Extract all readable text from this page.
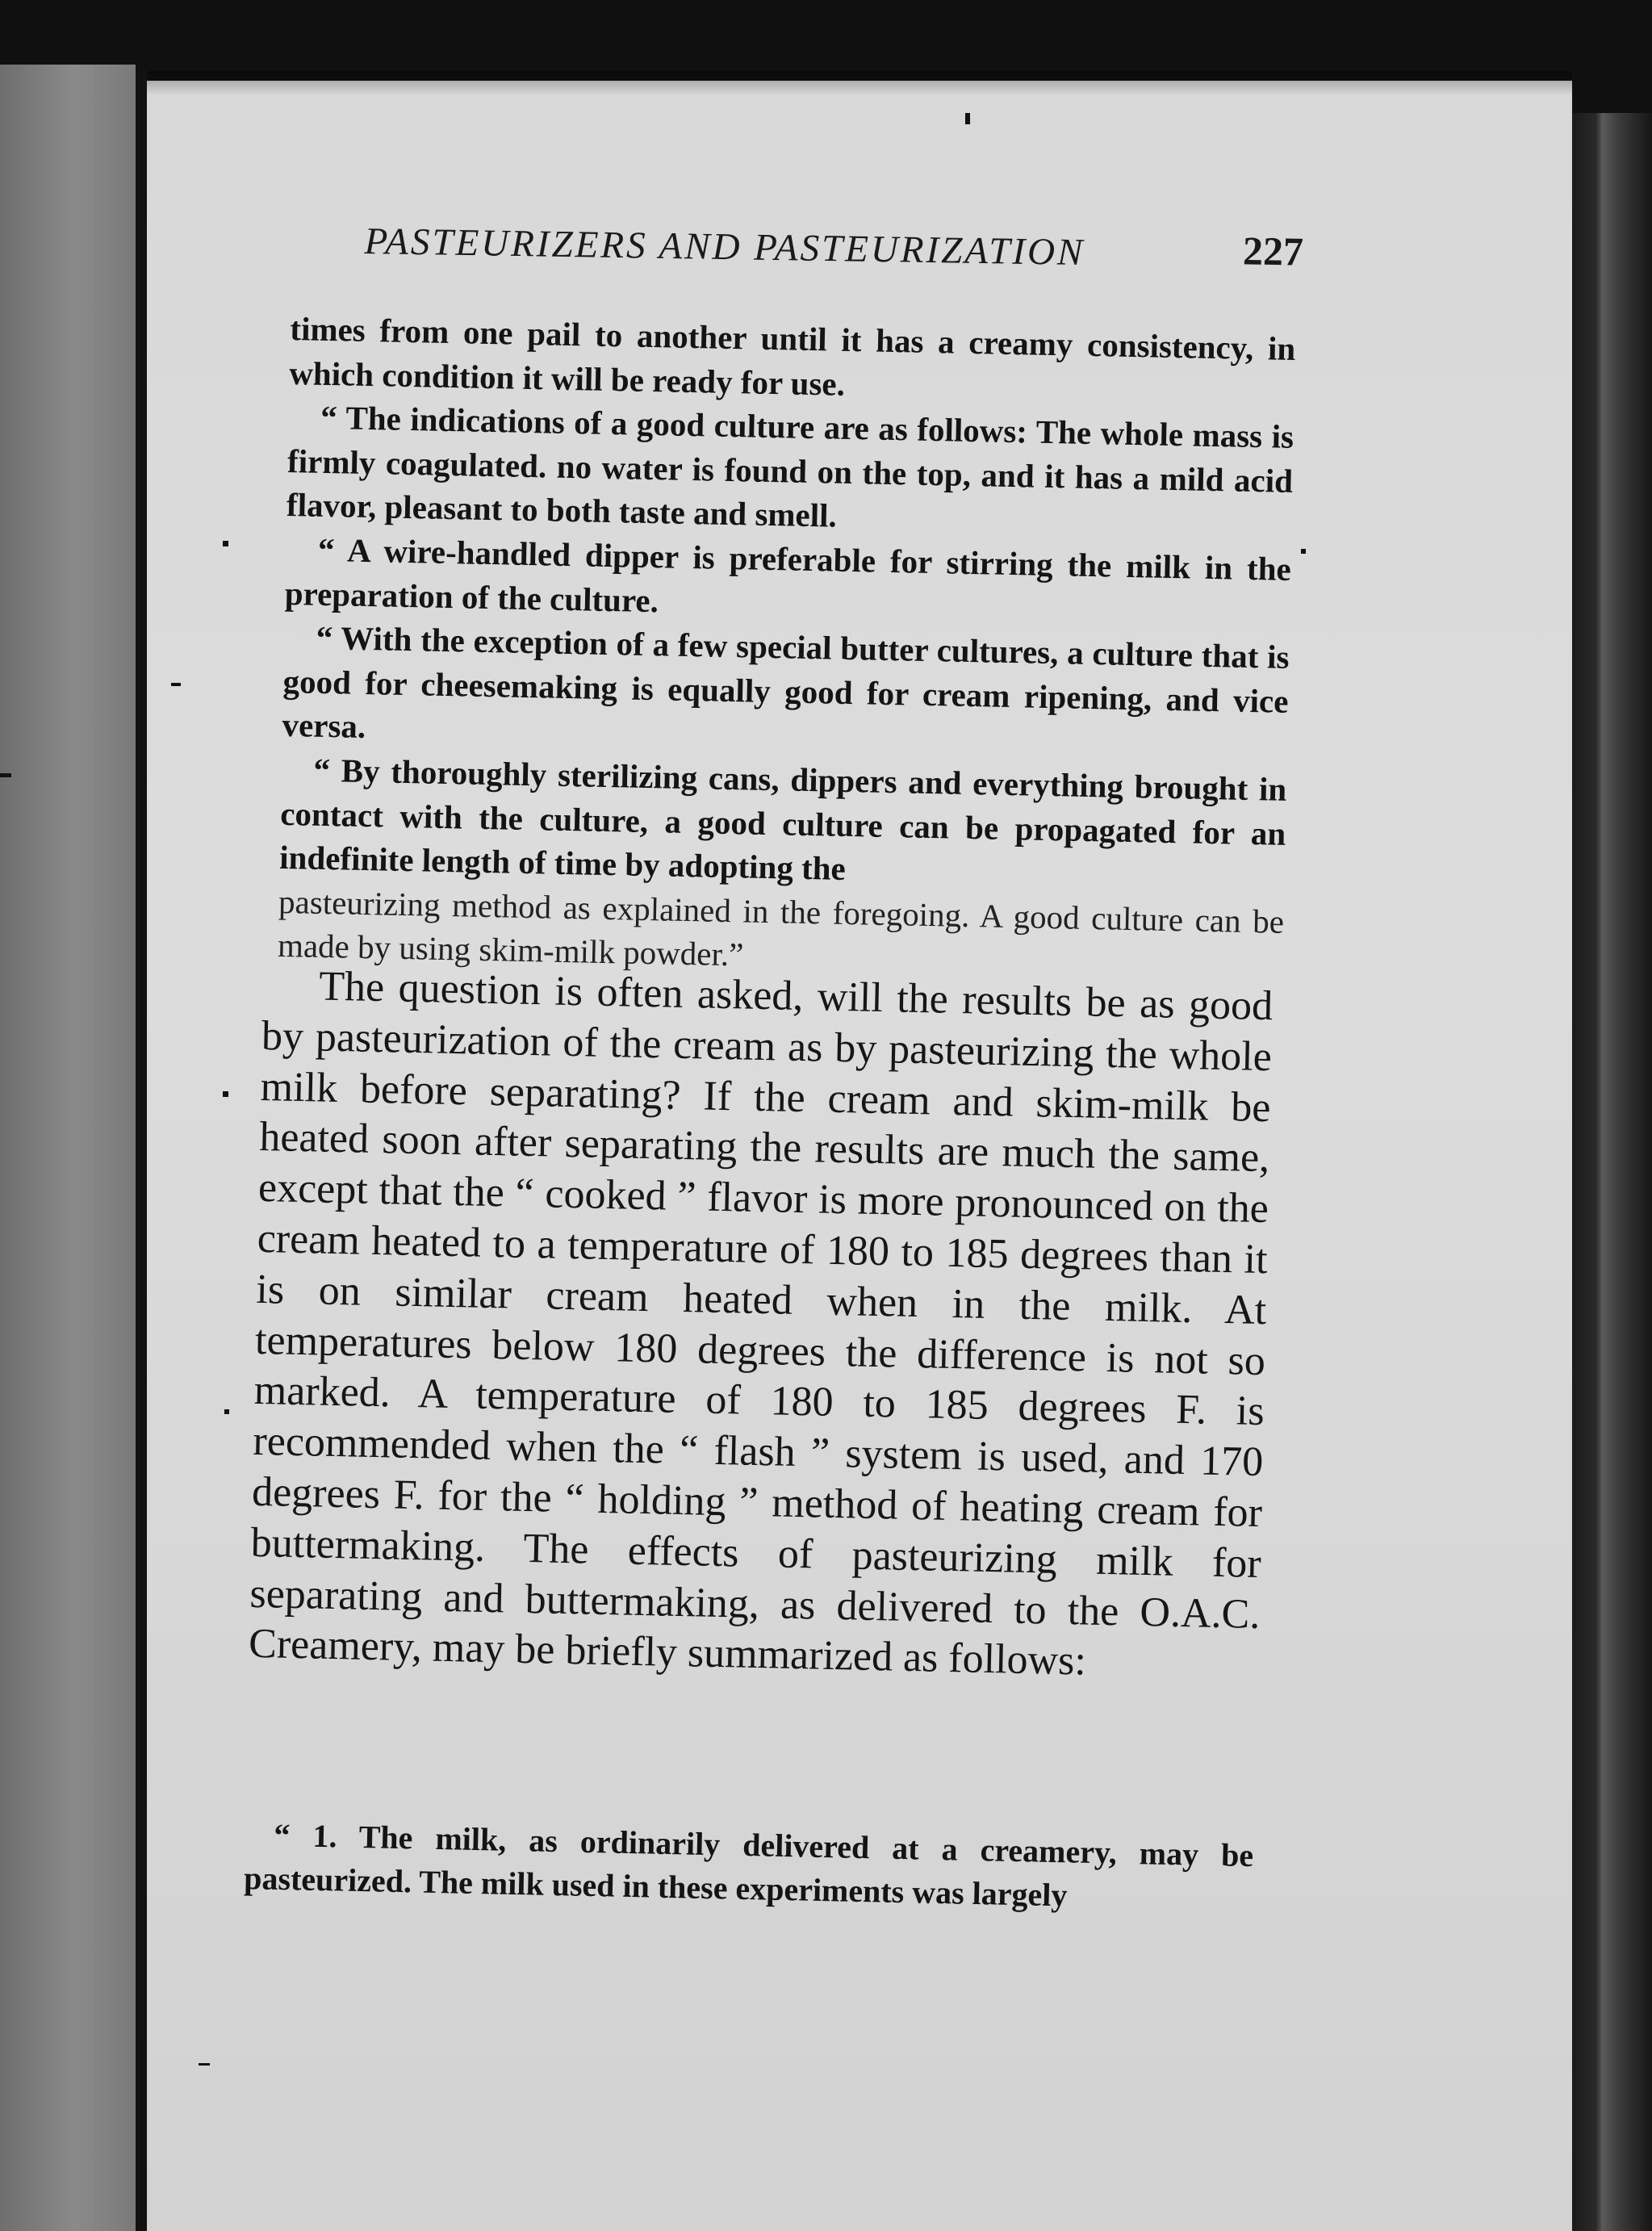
PASTEURIZERS AND PASTEURIZATION	227

times from one pail to another until it has a creamy consistency, in which condition it will be ready for use.

“ The indications of a good culture are as follows: The whole mass is firmly coagulated. no water is found on the top, and it has a mild acid flavor, pleasant to both taste and smell.

“ A wire-handled dipper is preferable for stirring the milk in the preparation of the culture.

“ With the exception of a few special butter cultures, a culture that is good for cheesemaking is equally good for cream ripening, and vice versa.

“ By thoroughly sterilizing cans, dippers and everything brought in contact with the culture, a good culture can be propagated for an indefinite length of time by adopting the

pasteurizing method as explained in the foregoing. A good culture can be made by using skim-milk powder.”

The question is often asked, will the results be as good by pasteurization of the cream as by pasteurizing the whole milk before separating? If the cream and skim-milk be heated soon after separating the results are much the same, except that the “ cooked ” flavor is more pronounced on the cream heated to a temperature of 180 to 185 degrees than it is on similar cream heated when in the milk. At temperatures below 180 degrees the difference is not so marked. A temperature of 180 to 185 degrees F. is recommended when the “ flash ” system is used, and 170 degrees F. for the “ holding ” method of heating cream for buttermaking. The effects of pasteurizing milk for separating and buttermaking, as delivered to the O.A.C. Creamery, may be briefly summarized as follows:

“ 1. The milk, as ordinarily delivered at a creamery, may be pasteurized. The milk used in these experiments was largely
